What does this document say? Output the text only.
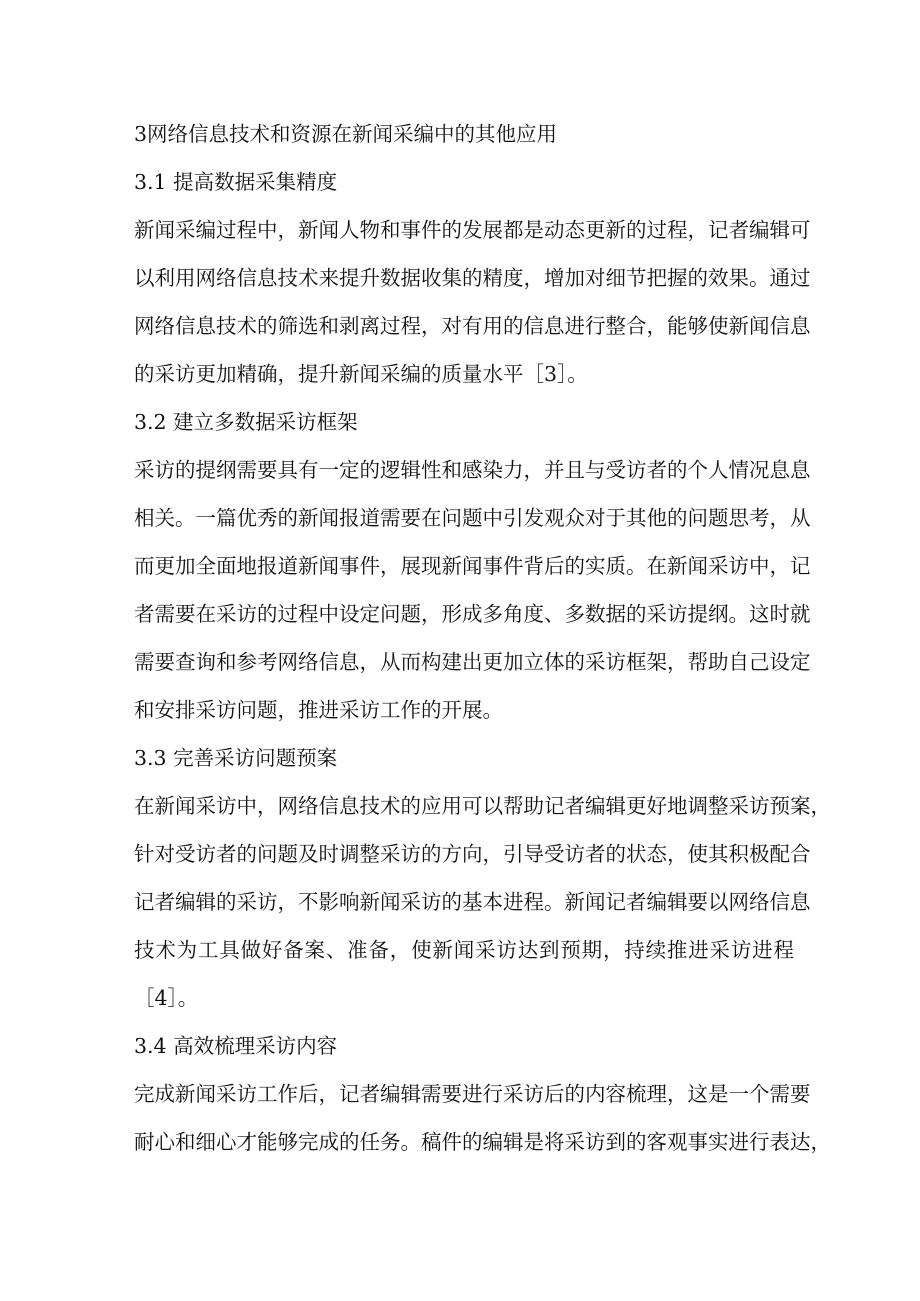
3网络信息技术和资源在新闻采编中的其他应用
3.1 提高数据采集精度
新闻采编过程中，新闻人物和事件的发展都是动态更新的过程，记者编辑可
以利用网络信息技术来提升数据收集的精度，增加对细节把握的效果。通过
网络信息技术的筛选和剥离过程，对有用的信息进行整合，能够使新闻信息
的采访更加精确，提升新闻采编的质量水平［3］。
3.2 建立多数据采访框架
采访的提纲需要具有一定的逻辑性和感染力，并且与受访者的个人情况息息
相关。一篇优秀的新闻报道需要在问题中引发观众对于其他的问题思考，从
而更加全面地报道新闻事件，展现新闻事件背后的实质。在新闻采访中，记
者需要在采访的过程中设定问题，形成多角度、多数据的采访提纲。这时就
需要查询和参考网络信息，从而构建出更加立体的采访框架，帮助自己设定
和安排采访问题，推进采访工作的开展。
3.3 完善采访问题预案
在新闻采访中，网络信息技术的应用可以帮助记者编辑更好地调整采访预案，
针对受访者的问题及时调整采访的方向，引导受访者的状态，使其积极配合
记者编辑的采访，不影响新闻采访的基本进程。新闻记者编辑要以网络信息
技术为工具做好备案、准备，使新闻采访达到预期，持续推进采访进程
［4］。
3.4 高效梳理采访内容
完成新闻采访工作后，记者编辑需要进行采访后的内容梳理，这是一个需要
耐心和细心才能够完成的任务。稿件的编辑是将采访到的客观事实进行表达，
